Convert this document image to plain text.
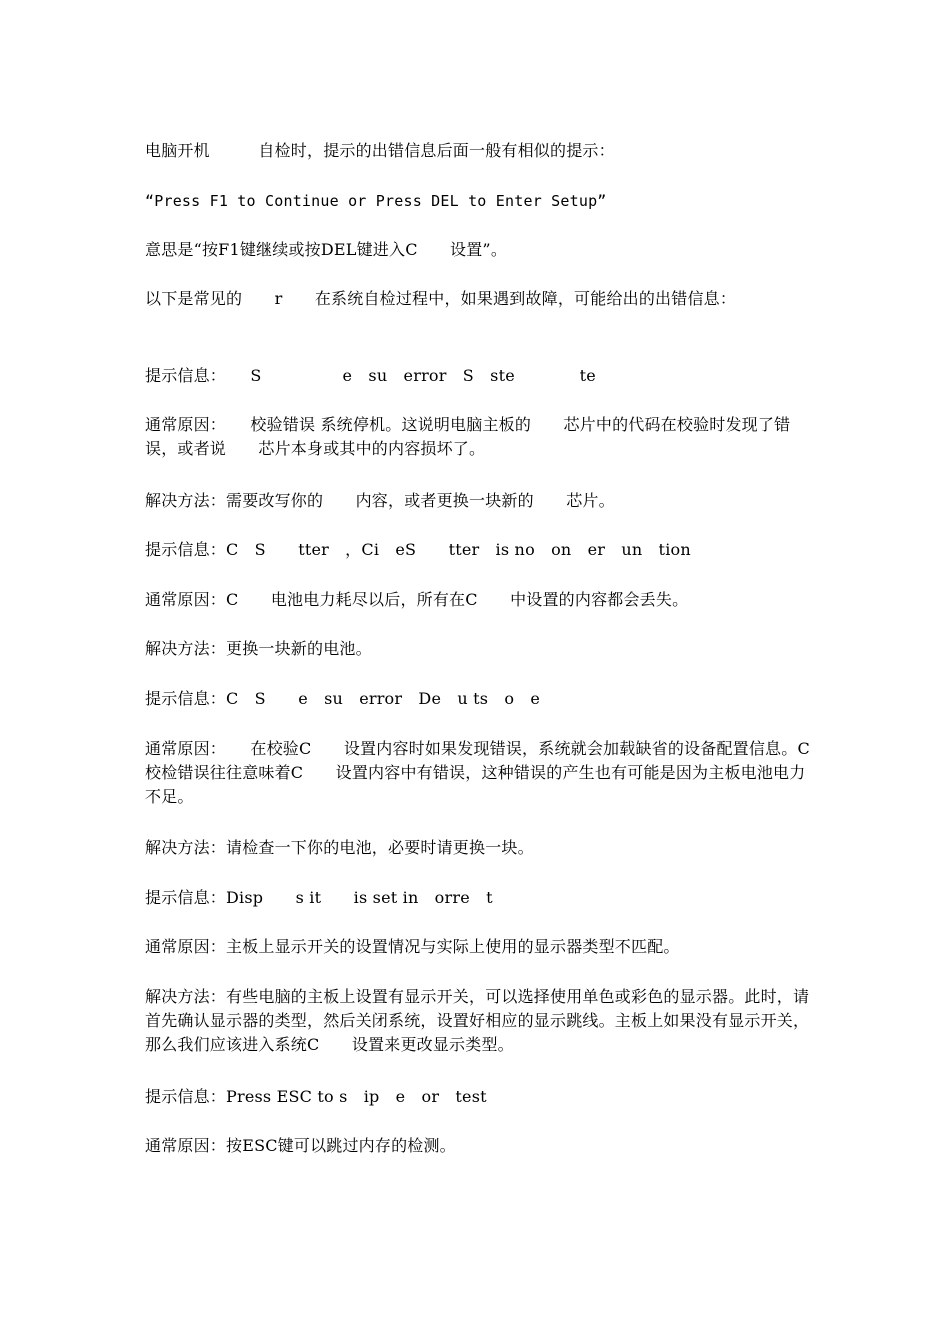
电脑开机　　　自检时，提示的出错信息后面一般有相似的提示：

“Press F1 to Continue or Press DEL to Enter Setup”

意思是“按F1键继续或按DEL键进入C　　设置”。

以下是常见的　　r　　在系统自检过程中，如果遇到故障，可能给出的出错信息：

提示信息：　　S　　　　　e　su　error　S　ste　　　　te

通常原因：　　校验错误 系统停机。这说明电脑主板的　　芯片中的代码在校验时发现了错误，或者说　　芯片本身或其中的内容损坏了。

解决方法：需要改写你的　　内容，或者更换一块新的　　芯片。

提示信息：C　S　　tter　，Ci　eS　　tter　is no　on　er　un　tion

通常原因：C　　电池电力耗尽以后，所有在C　　中设置的内容都会丢失。

解决方法：更换一块新的电池。

提示信息：C　S　　e　su　error　De　u ts　o　e

通常原因：　　在校验C　　设置内容时如果发现错误，系统就会加载缺省的设备配置信息。C　　校检错误往往意味着C　　设置内容中有错误，这种错误的产生也有可能是因为主板电池电力不足。

解决方法：请检查一下你的电池，必要时请更换一块。

提示信息：Disp　　s it　　is set in　orre　t

通常原因：主板上显示开关的设置情况与实际上使用的显示器类型不匹配。

解决方法：有些电脑的主板上设置有显示开关，可以选择使用单色或彩色的显示器。此时，请首先确认显示器的类型，然后关闭系统，设置好相应的显示跳线。主板上如果没有显示开关，那么我们应该进入系统C　　设置来更改显示类型。

提示信息：Press ESC to s　ip　e　or　test

通常原因：按ESC键可以跳过内存的检测。
